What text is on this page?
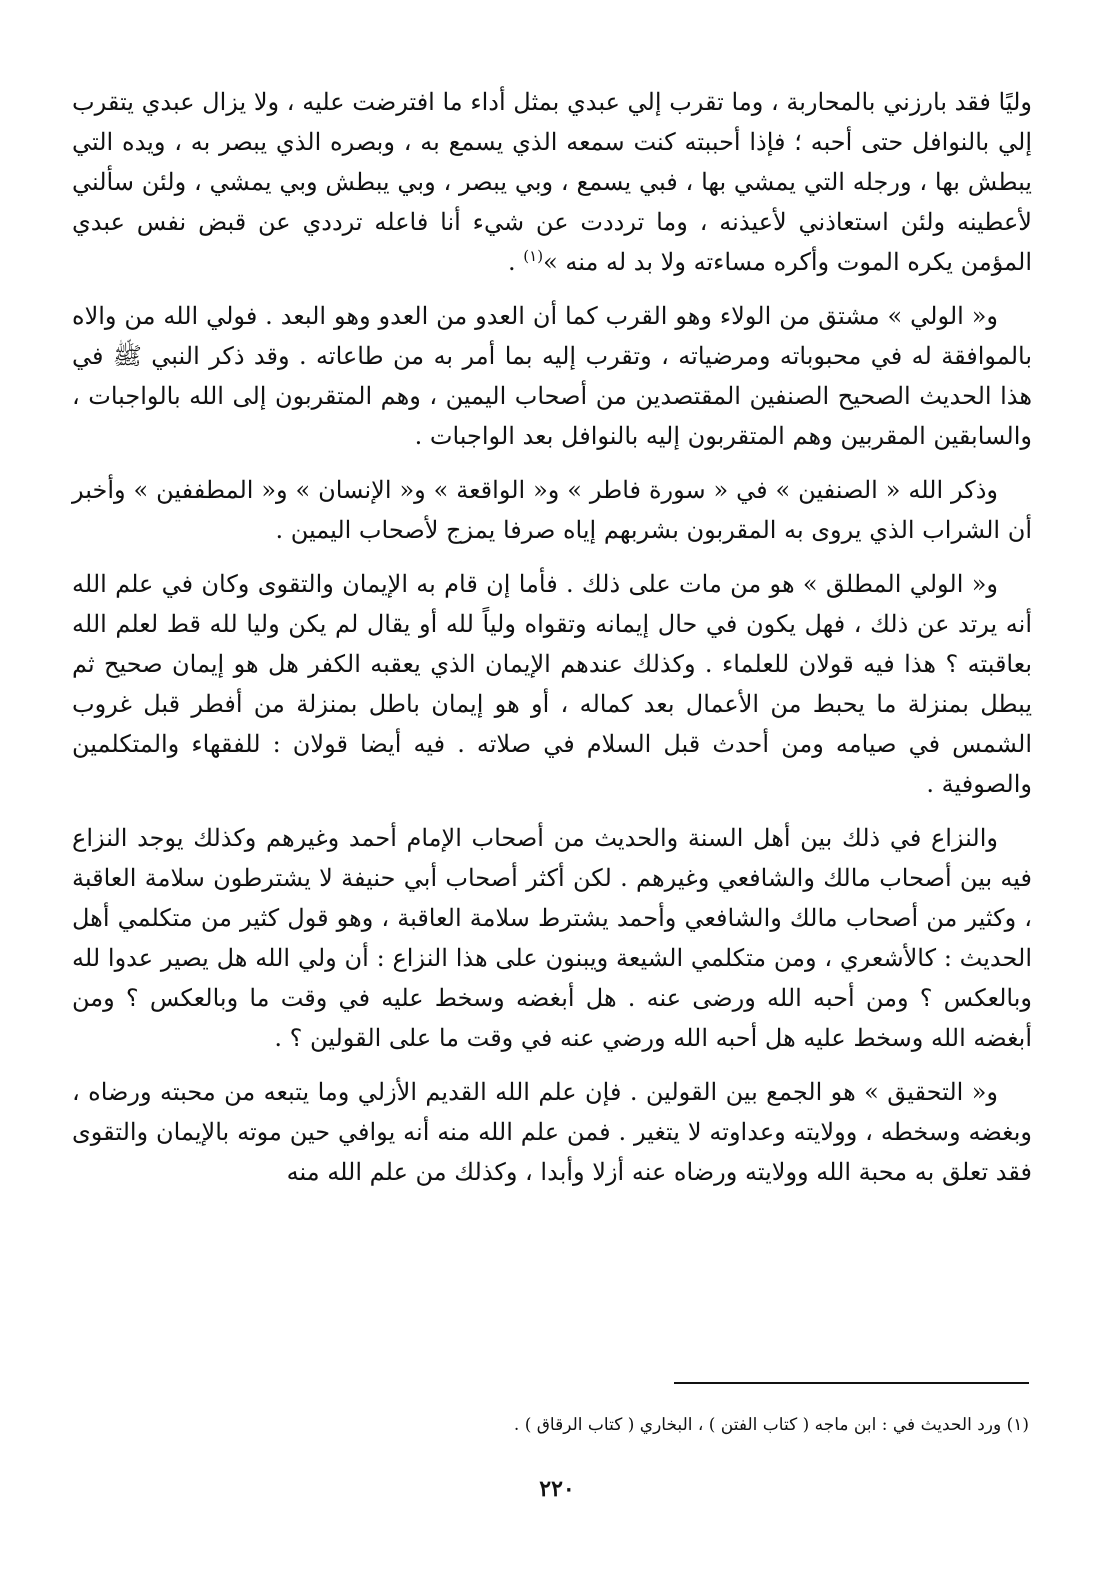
وليًا فقد بارزني بالمحاربة ، وما تقرب إلي عبدي بمثل أداء ما افترضت عليه ، ولا يزال عبدي يتقرب إلي بالنوافل حتى أحبه ؛ فإذا أحببته كنت سمعه الذي يسمع به ، وبصره الذي يبصر به ، ويده التي يبطش بها ، ورجله التي يمشي بها ، فبي يسمع ، وبي يبصر ، وبي يبطش وبي يمشي ، ولئن سألني لأعطينه ولئن استعاذني لأعيذنه ، وما ترددت عن شيء أنا فاعله ترددي عن قبض نفس عبدي المؤمن يكره الموت وأكره مساءته ولا بد له منه »$^{(١)}$ .

و« الولي » مشتق من الولاء وهو القرب كما أن العدو من العدو وهو البعد . فولي الله من والاه بالموافقة له في محبوباته ومرضياته ، وتقرب إليه بما أمر به من طاعاته . وقد ذكر النبي ﷺ في هذا الحديث الصحيح الصنفين المقتصدين من أصحاب اليمين ، وهم المتقربون إلى الله بالواجبات ، والسابقين المقربين وهم المتقربون إليه بالنوافل بعد الواجبات .

وذكر الله « الصنفين » في « سورة فاطر » و« الواقعة » و« الإنسان » و« المطففين » وأخبر أن الشراب الذي يروى به المقربون بشربهم إياه صرفا يمزج لأصحاب اليمين .

و« الولي المطلق » هو من مات على ذلك . فأما إن قام به الإيمان والتقوى وكان في علم الله أنه يرتد عن ذلك ، فهل يكون في حال إيمانه وتقواه ولياً لله أو يقال لم يكن وليا لله قط لعلم الله بعاقبته ؟ هذا فيه قولان للعلماء . وكذلك عندهم الإيمان الذي يعقبه الكفر هل هو إيمان صحيح ثم يبطل بمنزلة ما يحبط من الأعمال بعد كماله ، أو هو إيمان باطل بمنزلة من أفطر قبل غروب الشمس في صيامه ومن أحدث قبل السلام في صلاته . فيه أيضا قولان : للفقهاء والمتكلمين والصوفية .

والنزاع في ذلك بين أهل السنة والحديث من أصحاب الإمام أحمد وغيرهم وكذلك يوجد النزاع فيه بين أصحاب مالك والشافعي وغيرهم . لكن أكثر أصحاب أبي حنيفة لا يشترطون سلامة العاقبة ، وكثير من أصحاب مالك والشافعي وأحمد يشترط سلامة العاقبة ، وهو قول كثير من متكلمي أهل الحديث : كالأشعري ، ومن متكلمي الشيعة ويبنون على هذا النزاع : أن ولي الله هل يصير عدوا لله وبالعكس ؟ ومن أحبه الله ورضى عنه . هل أبغضه وسخط عليه في وقت ما وبالعكس ؟ ومن أبغضه الله وسخط عليه هل أحبه الله ورضي عنه في وقت ما على القولين ؟ .

و« التحقيق » هو الجمع بين القولين . فإن علم الله القديم الأزلي وما يتبعه من محبته ورضاه ، وبغضه وسخطه ، وولايته وعداوته لا يتغير . فمن علم الله منه أنه يوافي حين موته بالإيمان والتقوى فقد تعلق به محبة الله وولايته ورضاه عنه أزلا وأبدا ، وكذلك من علم الله منه

(١) ورد الحديث في : ابن ماجه ( كتاب الفتن ) ، البخاري ( كتاب الرقاق ) .
٢٢٠
